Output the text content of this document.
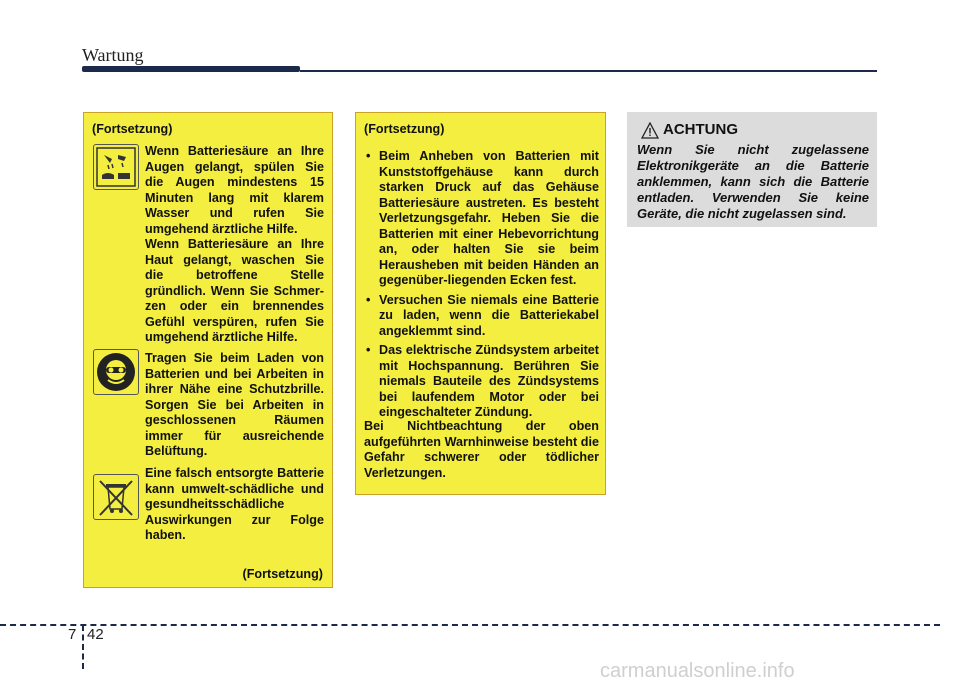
Wartung
(Fortsetzung)

Wenn Batteriesäure an Ihre Augen gelangt, spülen Sie die Augen mindestens 15 Minuten lang mit klarem Wasser und rufen Sie umgehend ärztliche Hilfe.

Wenn Batteriesäure an Ihre Haut gelangt, waschen Sie die betroffene Stelle gründlich. Wenn Sie Schmer-zen oder ein brennendes Gefühl verspüren, rufen Sie umgehend ärztliche Hilfe.

Tragen Sie beim Laden von Batterien und bei Arbeiten in ihrer Nähe eine Schutzbrille. Sorgen Sie bei Arbeiten in geschlossenen Räumen immer für ausreichende Belüftung.

Eine falsch entsorgte Batterie kann umwelt-schädliche und gesundheitsschädliche Auswirkungen zur Folge haben.

(Fortsetzung)
(Fortsetzung)
• Beim Anheben von Batterien mit Kunststoffgehäuse kann durch starken Druck auf das Gehäuse Batteriesäure austreten. Es besteht Verletzungsgefahr. Heben Sie die Batterien mit einer Hebevorrichtung an, oder halten Sie sie beim Herausheben mit beiden Händen an gegenüber-liegenden Ecken fest.
• Versuchen Sie niemals eine Batterie zu laden, wenn die Batteriekabel angeklemmt sind.
• Das elektrische Zündsystem arbeitet mit Hochspannung. Berühren Sie niemals Bauteile des Zündsystems bei laufendem Motor oder bei eingeschalteter Zündung.

Bei Nichtbeachtung der oben aufgeführten Warnhinweise besteht die Gefahr schwerer oder tödlicher Verletzungen.

ACHTUNG

Wenn Sie nicht zugelassene Elektronikgeräte an die Batterie anklemmen, kann sich die Batterie entladen. Verwenden Sie keine Geräte, die nicht zugelassen sind.

7 42
carmanualsonline.info
